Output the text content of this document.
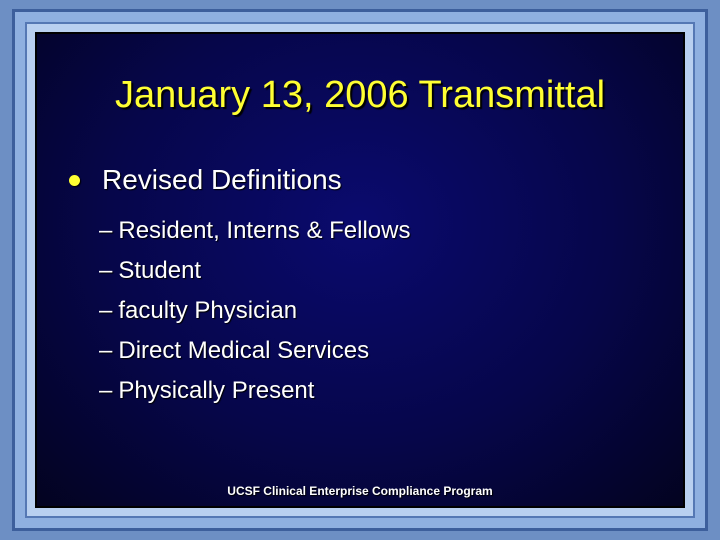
January 13, 2006 Transmittal
Revised Definitions
– Resident, Interns & Fellows
– Student
– faculty Physician
– Direct Medical Services
– Physically Present
UCSF Clinical Enterprise Compliance Program
